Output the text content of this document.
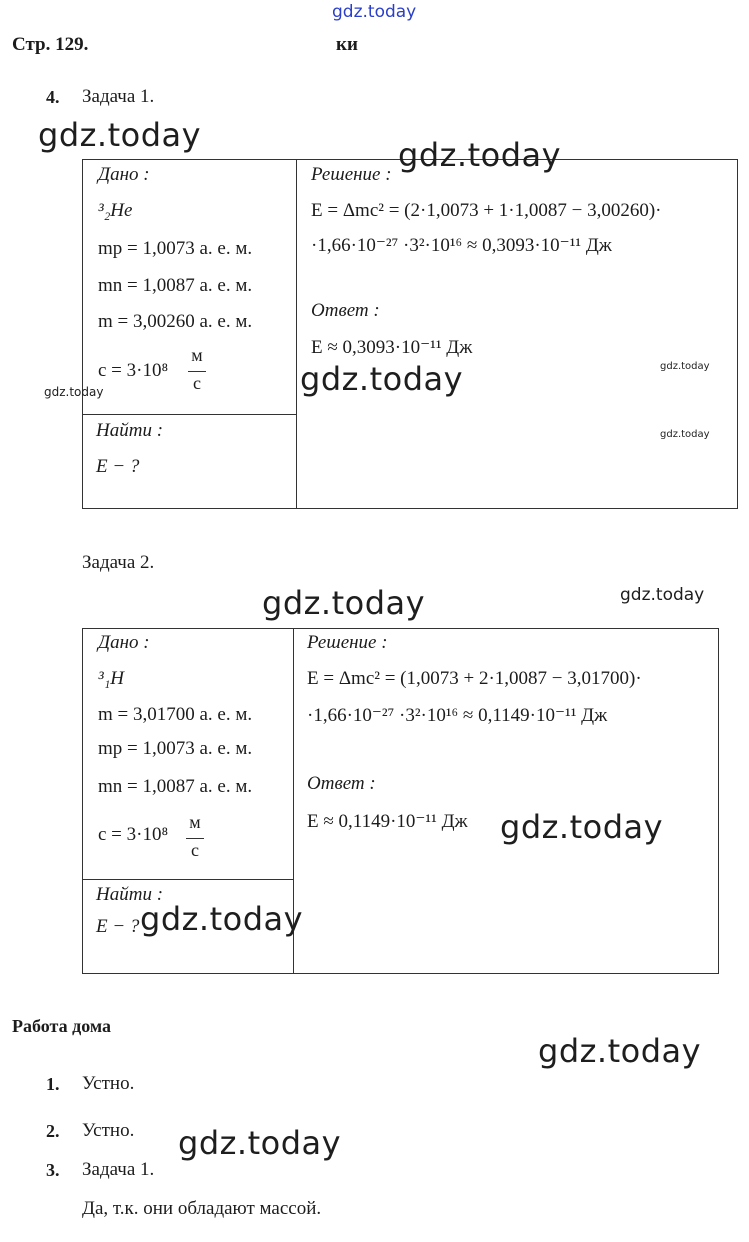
gdz.today
Стр. 129.	ки
4. Задача 1.
Дано :
³₂He
mp = 1,0073 а. е. м.
mn = 1,0087 а. е. м.
m = 3,00260 а. е. м.
c = 3·10⁸
м
с
Найти :
E − ?
Решение :
E = Δmc² = (2·1,0073 + 1·1,0087 − 3,00260)·
·1,66·10⁻²⁷ ·3²·10¹⁶ ≈ 0,3093·10⁻¹¹ Дж
Ответ :
E ≈ 0,3093·10⁻¹¹ Дж
Задача 2.
Дано :
³₁H
m = 3,01700 а. е. м.
mp = 1,0073 а. е. м.
mn = 1,0087 а. е. м.
c = 3·10⁸
м
с
Найти :
E − ?
Решение :
E = Δmc² = (1,0073 + 2·1,0087 − 3,01700)·
·1,66·10⁻²⁷ ·3²·10¹⁶ ≈ 0,1149·10⁻¹¹ Дж
Ответ :
E ≈ 0,1149·10⁻¹¹ Дж
Работа дома
1. Устно.
2. Устно.
3. Задача 1.
Да, т.к. они обладают массой.
gdz.today
gdz.today
gdz.today
gdz.today
gdz.today
gdz.today
gdz.today	gdz.today
gdz.today
gdz.today
gdz.today
gdz.today
